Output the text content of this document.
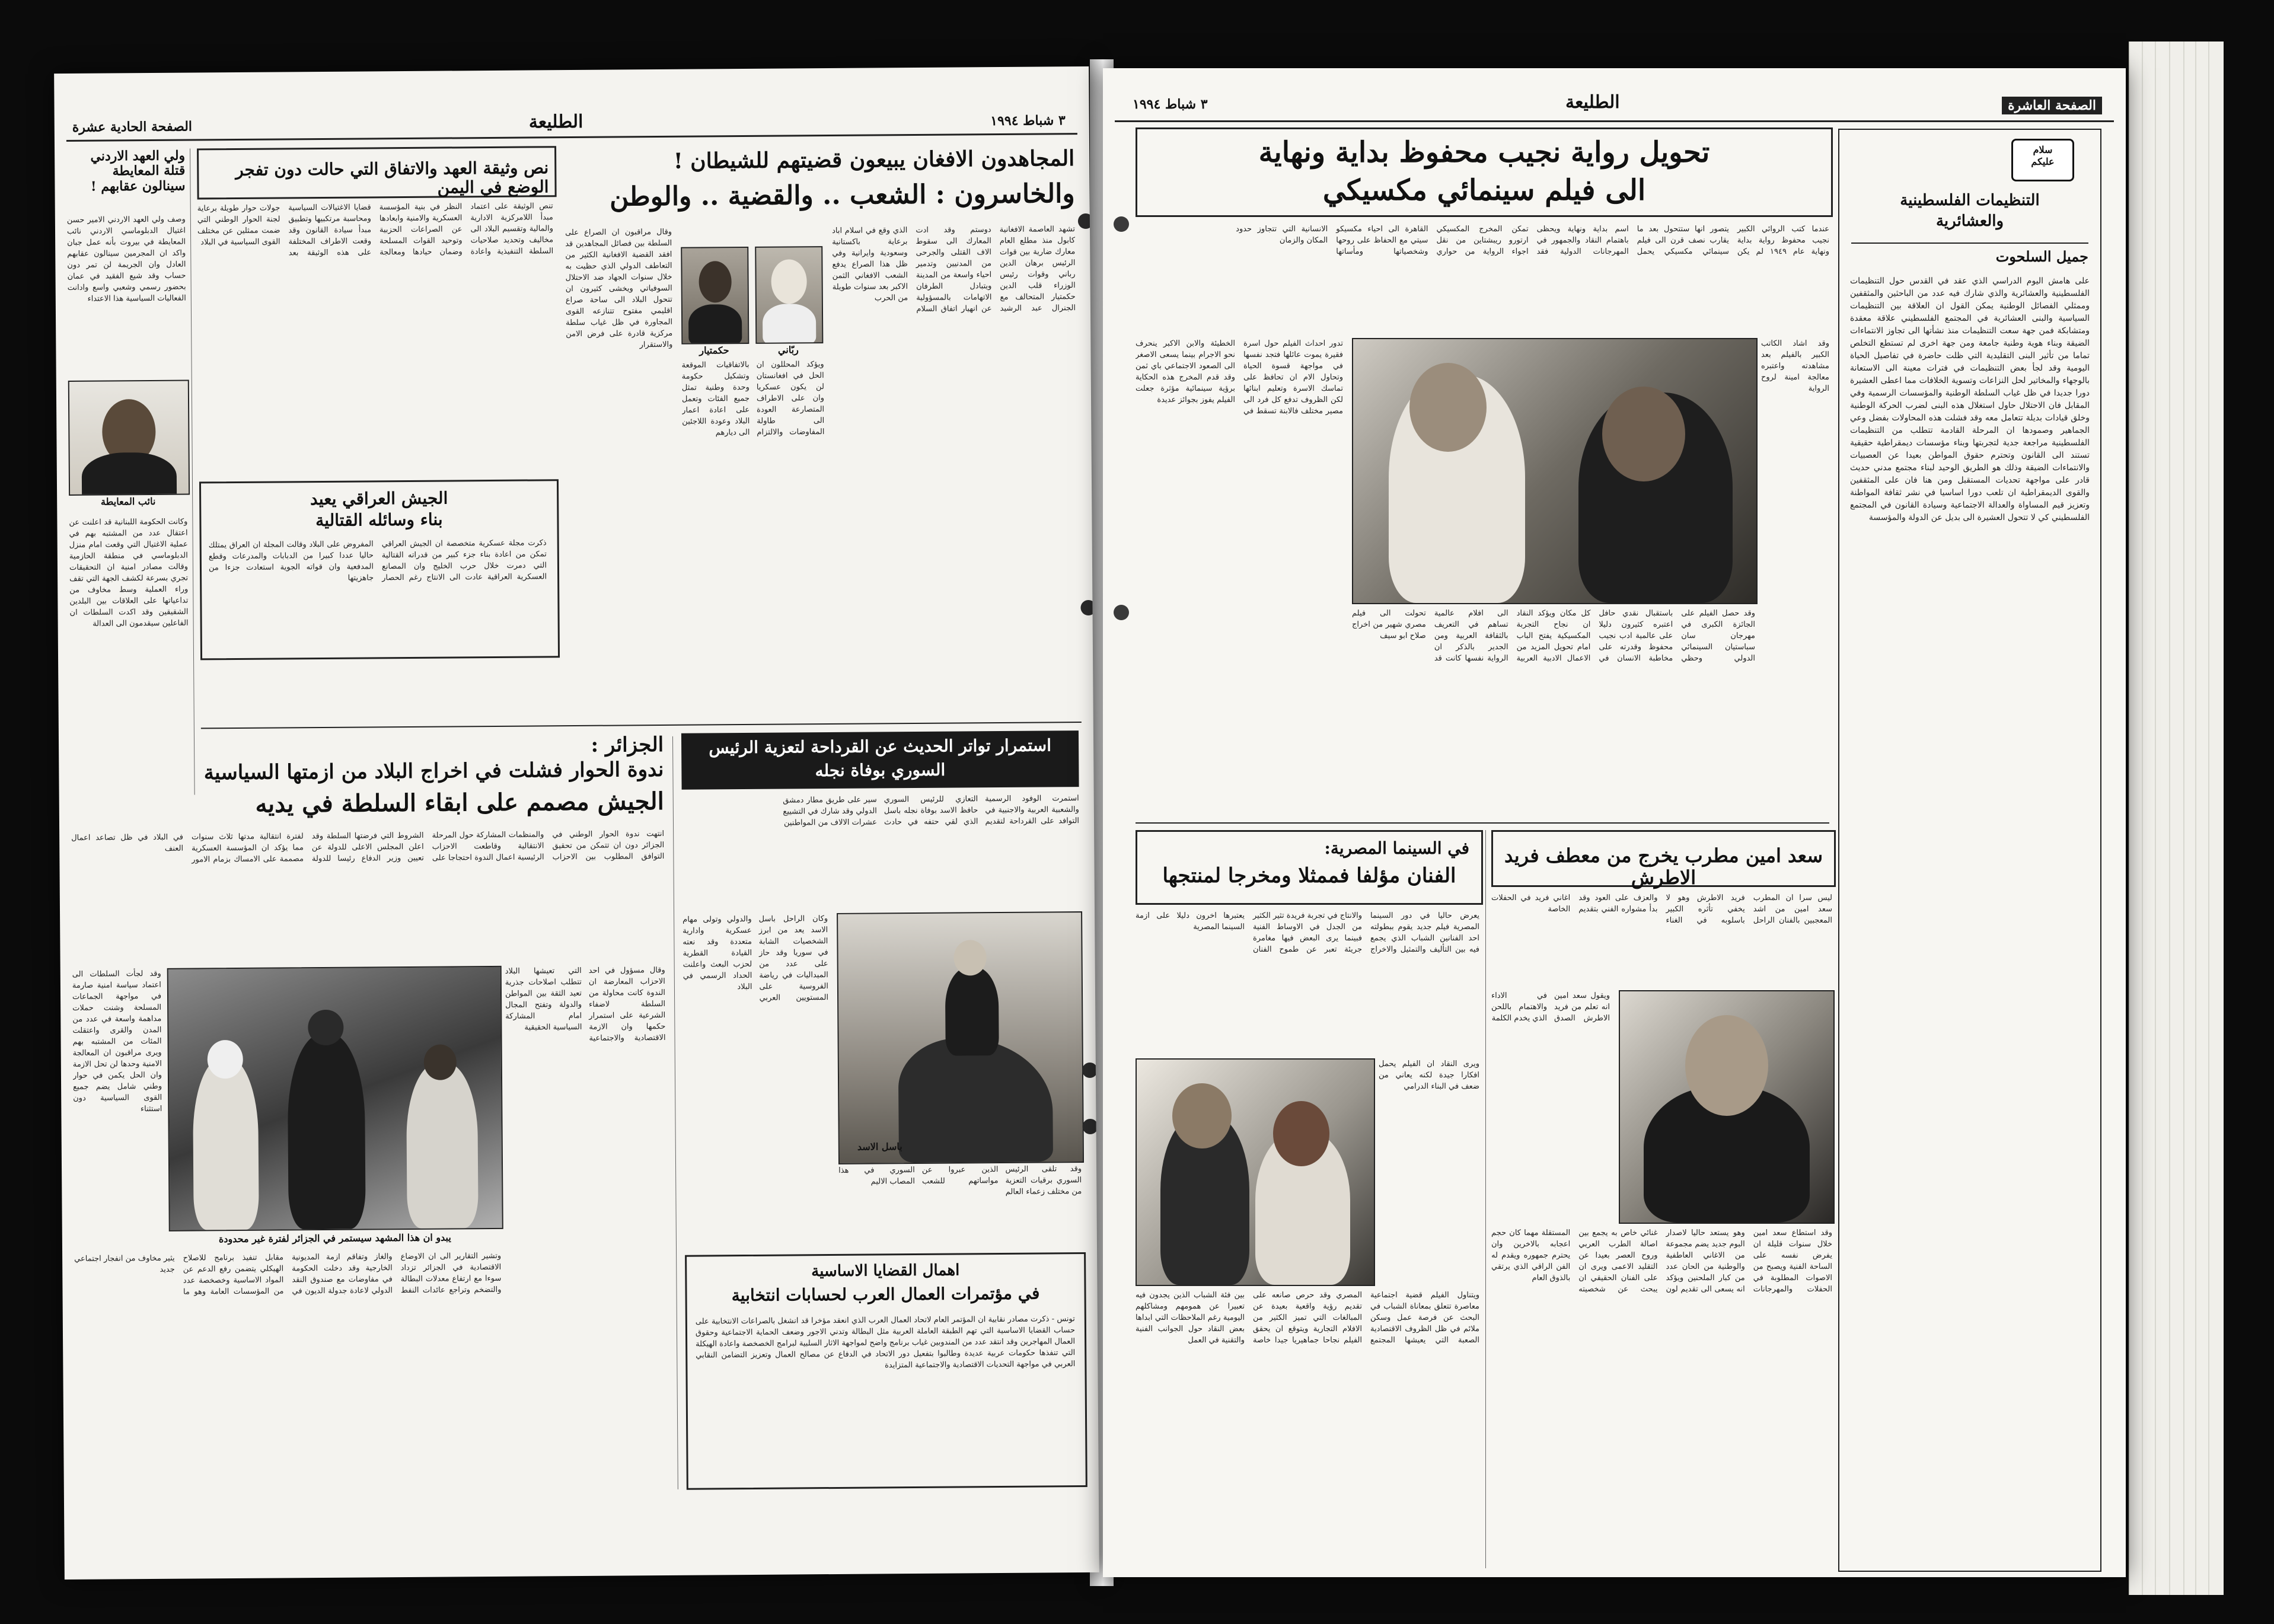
الصفحة الحادية عشرة	الطليعة	٣ شباط ١٩٩٤
ولي العهد الاردني قتلة المعايطة سينالون عقابهم !
وصف ولي العهد الاردني الامير حسن اغتيال الدبلوماسي الاردني نائب المعايطة في بيروت بأنه عمل جبان واكد ان المجرمين سينالون عقابهم العادل وان الجريمة لن تمر دون حساب وقد شيع الفقيد في عمان بحضور رسمي وشعبي واسع وادانت الفعاليات السياسية هذا الاعتداء
نائب المعايطة
وكانت الحكومة اللبنانية قد اعلنت عن اعتقال عدد من المشتبه بهم في عملية الاغتيال التي وقعت امام منزل الدبلوماسي في منطقة الحازمية وقالت مصادر امنية ان التحقيقات تجري بسرعة لكشف الجهة التي تقف وراء العملية وسط مخاوف من تداعياتها على العلاقات بين البلدين الشقيقين وقد اكدت السلطات ان الفاعلين سيقدمون الى العدالة
نص وثيقة العهد والاتفاق التي حالت دون تفجر الوضع في اليمن
تنص الوثيقة على اعتماد مبدأ اللامركزية الادارية والمالية وتقسيم البلاد الى مخاليف وتحديد صلاحيات السلطة التنفيذية واعادة النظر في بنية المؤسسة العسكرية والامنية وابعادها عن الصراعات الحزبية وتوحيد القوات المسلحة وضمان حيادها ومعالجة قضايا الاغتيالات السياسية ومحاسبة مرتكبيها وتطبيق مبدأ سيادة القانون وقد وقعت الاطراف المختلفة على هذه الوثيقة بعد جولات حوار طويلة برعاية لجنة الحوار الوطني التي ضمت ممثلين عن مختلف القوى السياسية في البلاد
المجاهدون الافغان يبيعون قضيتهم للشيطان !
والخاسرون : الشعب .. والقضية .. والوطن
تشهد العاصمة الافغانية كابول منذ مطلع العام معارك ضارية بين قوات الرئيس برهان الدين رباني وقوات رئيس الوزراء قلب الدين حكمتيار المتحالف مع الجنرال عبد الرشيد دوستم وقد ادت المعارك الى سقوط الاف القتلى والجرحى من المدنيين وتدمير احياء واسعة من المدينة ويتبادل الطرفان الاتهامات بالمسؤولية عن انهيار اتفاق السلام الذي وقع في اسلام اباد برعاية باكستانية وسعودية وايرانية وفي ظل هذا الصراع يدفع الشعب الافغاني الثمن الاكبر بعد سنوات طويلة من الحرب
ربّاني
حكمتيار
وقال مراقبون ان الصراع على السلطة بين فصائل المجاهدين قد افقد القضية الافغانية الكثير من التعاطف الدولي الذي حظيت به خلال سنوات الجهاد ضد الاحتلال السوفياتي ويخشى كثيرون ان تتحول البلاد الى ساحة صراع اقليمي مفتوح تتنازعه القوى المجاورة في ظل غياب سلطة مركزية قادرة على فرض الامن والاستقرار
ويؤكد المحللون ان الحل في افغانستان لن يكون عسكريا وان على الاطراف المتصارعة العودة الى طاولة المفاوضات والالتزام بالاتفاقيات الموقعة وتشكيل حكومة وحدة وطنية تمثل جميع الفئات وتعمل على اعادة اعمار البلاد وعودة اللاجئين الى ديارهم
الجيش العراقي يعيد
بناء وسائله القتالية
ذكرت مجلة عسكرية متخصصة ان الجيش العراقي تمكن من اعادة بناء جزء كبير من قدراته القتالية التي دمرت خلال حرب الخليج وان المصانع العسكرية العراقية عادت الى الانتاج رغم الحصار المفروض على البلاد وقالت المجلة ان العراق يمتلك حاليا عددا كبيرا من الدبابات والمدرعات وقطع المدفعية وان قواته الجوية استعادت جزءا من جاهزيتها
الجزائر :
ندوة الحوار فشلت في اخراج البلاد من ازمتها السياسية
الجيش مصمم على ابقاء السلطة في يديه
انتهت ندوة الحوار الوطني في الجزائر دون ان تتمكن من تحقيق التوافق المطلوب بين الاحزاب والمنظمات المشاركة حول المرحلة الانتقالية وقاطعت الاحزاب الرئيسية اعمال الندوة احتجاجا على الشروط التي فرضتها السلطة وقد اعلن المجلس الاعلى للدولة عن تعيين وزير الدفاع رئيسا للدولة لفترة انتقالية مدتها ثلاث سنوات مما يؤكد ان المؤسسة العسكرية مصممة على الامساك بزمام الامور في البلاد في ظل تصاعد اعمال العنف
يبدو ان هذا المشهد سيستمر في الجزائر لفترة غير محدودة
وقد لجأت السلطات الى اعتماد سياسة امنية صارمة في مواجهة الجماعات المسلحة وشنت حملات مداهمة واسعة في عدد من المدن والقرى واعتقلت المئات من المشتبه بهم ويرى مراقبون ان المعالجة الامنية وحدها لن تحل الازمة وان الحل يكمن في حوار وطني شامل يضم جميع القوى السياسية دون استثناء
وقال مسؤول في احد الاحزاب المعارضة ان الندوة كانت محاولة من السلطة لاضفاء الشرعية على استمرار حكمها وان الازمة الاقتصادية والاجتماعية التي تعيشها البلاد تتطلب اصلاحات جذرية تعيد الثقة بين المواطن والدولة وتفتح المجال امام المشاركة السياسية الحقيقية
وتشير التقارير الى ان الاوضاع الاقتصادية في الجزائر تزداد سوءا مع ارتفاع معدلات البطالة والتضخم وتراجع عائدات النفط والغاز وتفاقم ازمة المديونية الخارجية وقد دخلت الحكومة في مفاوضات مع صندوق النقد الدولي لاعادة جدولة الديون في مقابل تنفيذ برنامج للاصلاح الهيكلي يتضمن رفع الدعم عن المواد الاساسية وخصخصة عدد من المؤسسات العامة وهو ما يثير مخاوف من انفجار اجتماعي جديد
استمرار تواتر الحديث عن القرداحة لتعزية الرئيس السوري بوفاة نجله
استمرت الوفود الرسمية والشعبية العربية والاجنبية في التوافد على القرداحة لتقديم التعازي للرئيس السوري حافظ الاسد بوفاة نجله باسل الذي لقي حتفه في حادث سير على طريق مطار دمشق الدولي وقد شارك في التشييع عشرات الالاف من المواطنين
باسل الاسد
وكان الراحل باسل الاسد يعد من ابرز الشخصيات الشابة في سوريا وقد حاز على عدد من الميداليات في رياضة الفروسية على المستويين العربي والدولي وتولى مهام عسكرية وادارية متعددة وقد نعته القيادة القطرية لحزب البعث واعلنت الحداد الرسمي في البلاد
وقد تلقى الرئيس السوري برقيات التعزية من مختلف زعماء العالم الذين عبروا عن مواساتهم للشعب السوري في هذا المصاب الاليم
اهمال القضايا الاساسية
في مؤتمرات العمال العرب لحسابات انتخابية
تونس - ذكرت مصادر نقابية ان المؤتمر العام لاتحاد العمال العرب الذي انعقد مؤخرا قد انشغل بالصراعات الانتخابية على حساب القضايا الاساسية التي تهم الطبقة العاملة العربية مثل البطالة وتدني الاجور وضعف الحماية الاجتماعية وحقوق العمال المهاجرين وقد انتقد عدد من المندوبين غياب برنامج واضح لمواجهة الاثار السلبية لبرامج الخصخصة واعادة الهيكلة التي تنفذها حكومات عربية عديدة وطالبوا بتفعيل دور الاتحاد في الدفاع عن مصالح العمال وتعزيز التضامن النقابي العربي في مواجهة التحديات الاقتصادية والاجتماعية المتزايدة
٣ شباط ١٩٩٤	الطليعة	الصفحة العاشرة
سلام
عليكم
التنظيمات الفلسطينية
والعشائرية
جميل السلحوت
على هامش اليوم الدراسي الذي عقد في القدس حول التنظيمات الفلسطينية والعشائرية والذي شارك فيه عدد من الباحثين والمثقفين وممثلي الفصائل الوطنية يمكن القول ان العلاقة بين التنظيمات السياسية والبنى العشائرية في المجتمع الفلسطيني علاقة معقدة ومتشابكة فمن جهة سعت التنظيمات منذ نشأتها الى تجاوز الانتماءات الضيقة وبناء هوية وطنية جامعة ومن جهة اخرى لم تستطع التخلص تماما من تأثير البنى التقليدية التي ظلت حاضرة في تفاصيل الحياة اليومية وقد لجأ بعض التنظيمات في فترات معينة الى الاستعانة بالوجهاء والمخاتير لحل النزاعات وتسوية الخلافات مما اعطى العشيرة دورا جديدا في ظل غياب السلطة الوطنية والمؤسسات الرسمية وفي المقابل فان الاحتلال حاول استغلال هذه البنى لضرب الحركة الوطنية وخلق قيادات بديلة تتعامل معه وقد فشلت هذه المحاولات بفضل وعي الجماهير وصمودها ان المرحلة القادمة تتطلب من التنظيمات الفلسطينية مراجعة جدية لتجربتها وبناء مؤسسات ديمقراطية حقيقية تستند الى القانون وتحترم حقوق المواطن بعيدا عن العصبيات والانتماءات الضيقة وذلك هو الطريق الوحيد لبناء مجتمع مدني حديث قادر على مواجهة تحديات المستقبل ومن هنا فان على المثقفين والقوى الديمقراطية ان تلعب دورا اساسيا في نشر ثقافة المواطنة وتعزيز قيم المساواة والعدالة الاجتماعية وسيادة القانون في المجتمع الفلسطيني كي لا تتحول العشيرة الى بديل عن الدولة والمؤسسة
تحويل رواية نجيب محفوظ بداية ونهاية
الى فيلم سينمائي مكسيكي
عندما كتب الروائي الكبير نجيب محفوظ رواية بداية ونهاية عام ١٩٤٩ لم يكن يتصور انها ستتحول بعد ما يقارب نصف قرن الى فيلم سينمائي مكسيكي يحمل اسم بداية ونهاية ويحظى باهتمام النقاد والجمهور في المهرجانات الدولية فقد تمكن المخرج المكسيكي ارتورو ريبشتاين من نقل اجواء الرواية من حواري القاهرة الى احياء مكسيكو سيتي مع الحفاظ على روحها وشخصياتها ومأساتها الانسانية التي تتجاوز حدود المكان والزمان
تدور احداث الفيلم حول اسرة فقيرة يموت عائلها فتجد نفسها في مواجهة قسوة الحياة وتحاول الام ان تحافظ على تماسك الاسرة وتعليم ابنائها لكن الظروف تدفع كل فرد الى مصير مختلف فالابنة تسقط في الخطيئة والابن الاكبر ينحرف نحو الاجرام بينما يسعى الاصغر الى الصعود الاجتماعي باي ثمن وقد قدم المخرج هذه الحكاية برؤية سينمائية مؤثرة جعلت الفيلم يفوز بجوائز عديدة
وقد حصل الفيلم على الجائزة الكبرى في مهرجان سان سباستيان السينمائي الدولي وحظي باستقبال نقدي حافل اعتبره كثيرون دليلا على عالمية ادب نجيب محفوظ وقدرته على مخاطبة الانسان في كل مكان ويؤكد النقاد ان نجاح التجربة المكسيكية يفتح الباب امام تحويل المزيد من الاعمال الادبية العربية الى افلام عالمية تساهم في التعريف بالثقافة العربية ومن الجدير بالذكر ان الرواية نفسها كانت قد تحولت الى فيلم مصري شهير من اخراج صلاح ابو سيف
وقد اشاد الكاتب الكبير بالفيلم بعد مشاهدته واعتبره معالجة امينة لروح الرواية
في السينما المصرية:
الفنان مؤلفا فممثلا ومخرجا لمنتجها
يعرض حاليا في دور السينما المصرية فيلم جديد يقوم ببطولته احد الفنانين الشباب الذي يجمع فيه بين التأليف والتمثيل والاخراج والانتاج في تجربة فريدة تثير الكثير من الجدل في الاوساط الفنية فبينما يرى البعض فيها مغامرة جريئة تعبر عن طموح الفنان يعتبرها اخرون دليلا على ازمة السينما المصرية
ويرى النقاد ان الفيلم يحمل افكارا جيدة لكنه يعاني من ضعف في البناء الدرامي
ويتناول الفيلم قضية اجتماعية معاصرة تتعلق بمعاناة الشباب في البحث عن فرصة عمل وسكن ملائم في ظل الظروف الاقتصادية الصعبة التي يعيشها المجتمع المصري وقد حرص صانعه على تقديم رؤية واقعية بعيدة عن المبالغات التي تميز الكثير من الافلام التجارية ويتوقع ان يحقق الفيلم نجاحا جماهيريا جيدا خاصة بين فئة الشباب الذين يجدون فيه تعبيرا عن همومهم ومشاكلهم اليومية رغم الملاحظات التي ابداها بعض النقاد حول الجوانب الفنية والتقنية في العمل
سعد امين مطرب يخرج من معطف فريد الاطرش
ليس سرا ان المطرب سعد امين من اشد المعجبين بالفنان الراحل فريد الاطرش وهو لا يخفي تأثره الكبير باسلوبه في الغناء والعزف على العود وقد بدأ مشواره الفني بتقديم اغاني فريد في الحفلات الخاصة
ويقول سعد امين انه تعلم من فريد الاطرش الصدق في الاداء والاهتمام باللحن الذي يخدم الكلمة
وقد استطاع سعد امين خلال سنوات قليلة ان يفرض نفسه على الساحة الفنية ويصبح من الاصوات المطلوبة في الحفلات والمهرجانات وهو يستعد حاليا لاصدار البوم جديد يضم مجموعة من الاغاني العاطفية والوطنية من الحان عدد من كبار الملحنين ويؤكد انه يسعى الى تقديم لون غنائي خاص به يجمع بين اصالة الطرب العربي وروح العصر بعيدا عن التقليد الاعمى ويرى ان على الفنان الحقيقي ان يبحث عن شخصيته المستقلة مهما كان حجم اعجابه بالاخرين وان يحترم جمهوره ويقدم له الفن الراقي الذي يرتقي بالذوق العام
